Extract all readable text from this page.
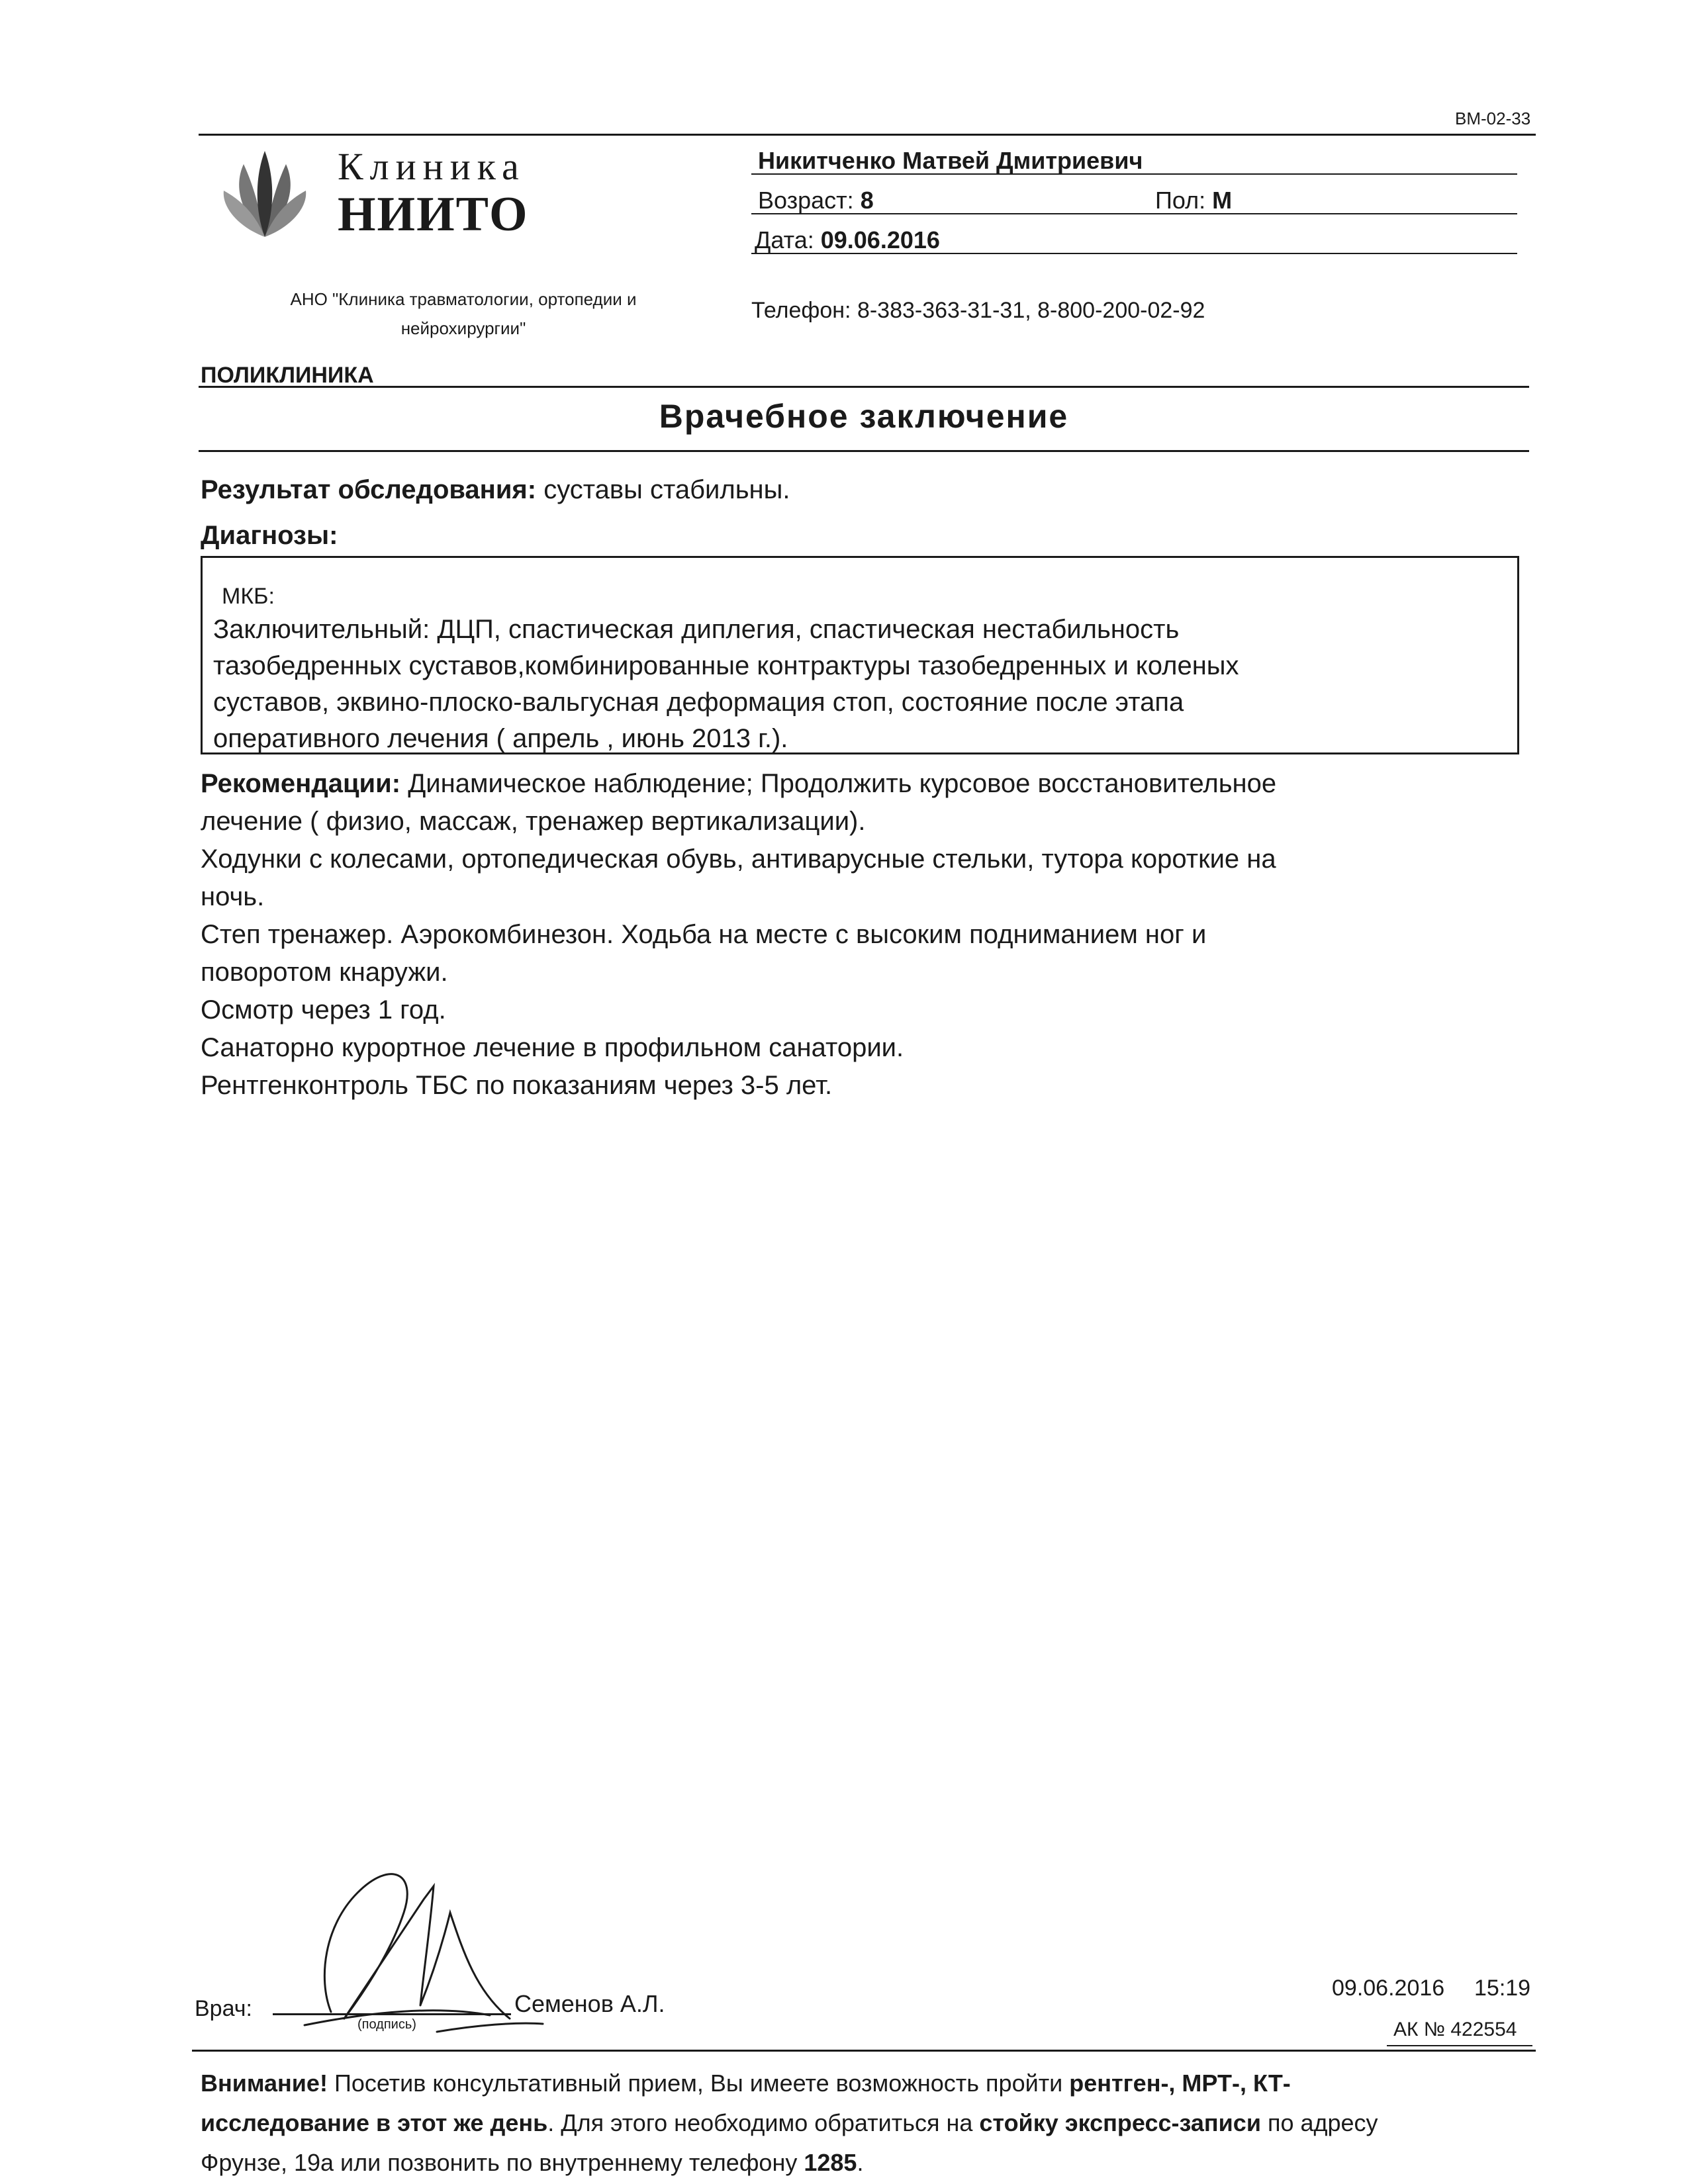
ВМ-02-33
Клиника
НИИТО
АНО "Клиника травматологии, ортопедии и нейрохирургии"
Никитченко Матвей Дмитриевич
Возраст: 8	Пол: М
Дата: 09.06.2016
Телефон: 8-383-363-31-31, 8-800-200-02-92
ПОЛИКЛИНИКА
Врачебное заключение
Результат обследования: суставы стабильны.
Диагнозы:
МКБ:
Заключительный: ДЦП, спастическая диплегия, спастическая нестабильность
тазобедренных суставов,комбинированные контрактуры тазобедренных и коленых
суставов, эквино-плоско-вальгусная деформация стоп, состояние после этапа
оперативного лечения ( апрель , июнь 2013 г.).

Рекомендации: Динамическое наблюдение; Продолжить курсовое восстановительное
лечение ( физио, массаж, тренажер вертикализации).

Ходунки с колесами, ортопедическая обувь, антиварусные стельки, тутора короткие на
ночь.

Степ тренажер. Аэрокомбинезон. Ходьба на месте с высоким подниманием ног и
поворотом кнаружи.

Осмотр через 1 год.

Санаторно курортное лечение в профильном санатории.

Рентгенконтроль ТБС по показаниям через 3-5 лет.

Врач:
(подпись)
Семенов А.Л.
09.06.2016 15:19
АК № 422554
Внимание! Посетив консультативный прием, Вы имеете возможность пройти рентген-, МРТ-, КТ- исследование в этот же день. Для этого необходимо обратиться на стойку экспресс-записи по адресу Фрунзе, 19а или позвонить по внутреннему телефону 1285.
